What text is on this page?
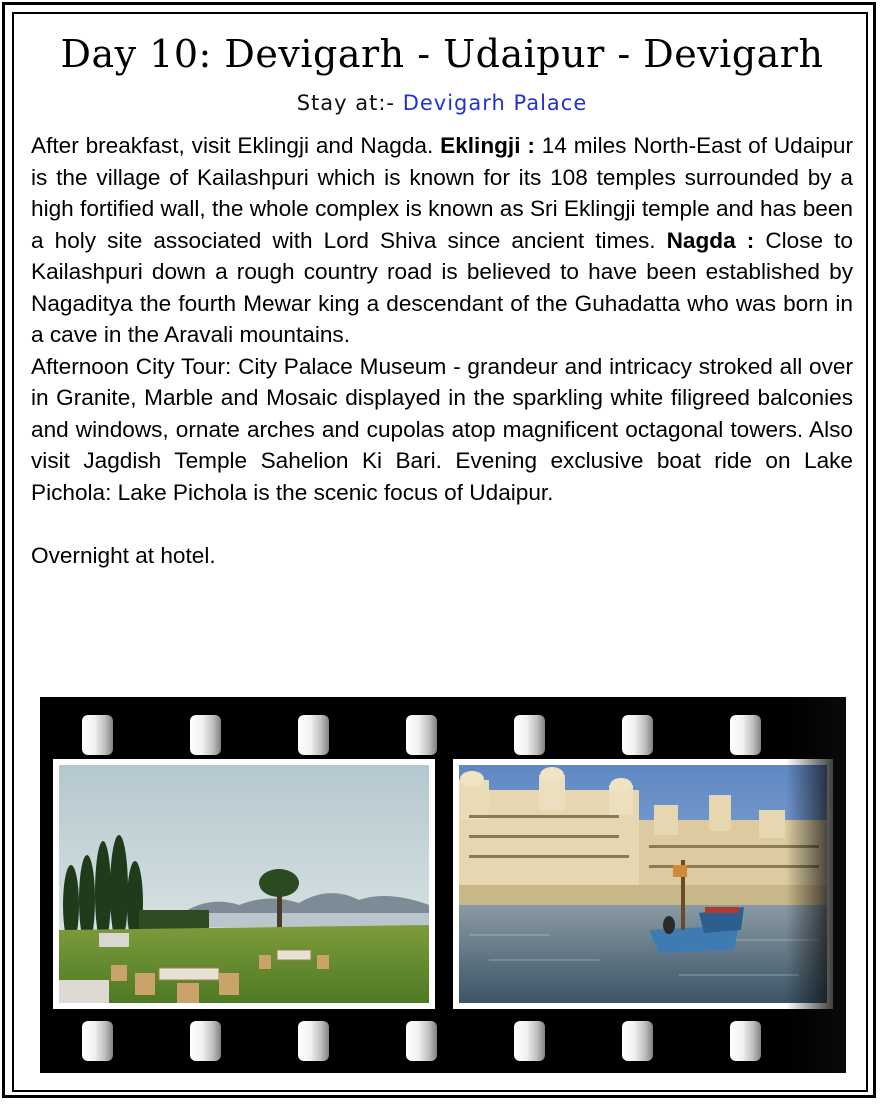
Day 10: Devigarh - Udaipur - Devigarh
Stay at:- Devigarh Palace

After breakfast, visit Eklingji and Nagda. Eklingji : 14 miles North-East of Udaipur is the village of Kailashpuri which is known for its 108 temples surrounded by a high fortified wall, the whole complex is known as Sri Eklingji temple and has been a holy site associated with Lord Shiva since ancient times. Nagda : Close to Kailashpuri down a rough country road is believed to have been established by Nagaditya the fourth Mewar king a descendant of the Guhadatta who was born in a cave in the Aravali mountains.

Afternoon City Tour: City Palace Museum - grandeur and intricacy stroked all over in Granite, Marble and Mosaic displayed in the sparkling white filigreed balconies and windows, ornate arches and cupolas atop magnificent octagonal towers. Also visit Jagdish Temple Sahelion Ki Bari. Evening exclusive boat ride on Lake Pichola: Lake Pichola is the scenic focus of Udaipur.

Overnight at hotel.
